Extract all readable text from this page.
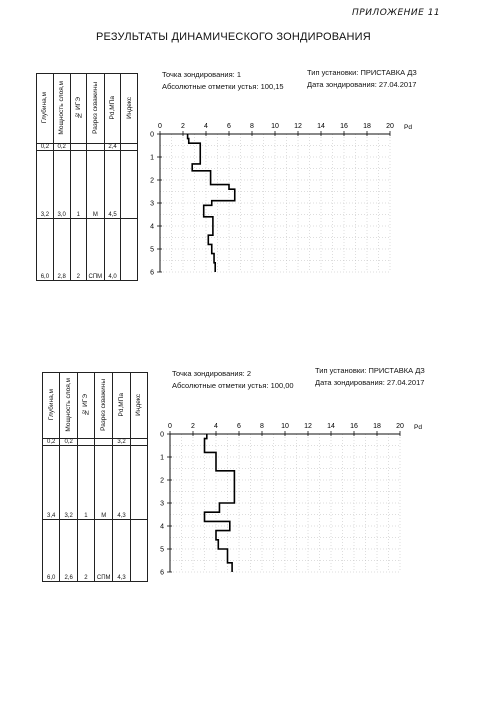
ПРИЛОЖЕНИЕ 11
РЕЗУЛЬТАТЫ ДИНАМИЧЕСКОГО ЗОНДИРОВАНИЯ
Точка зондирования: 1
Абсолютные отметки устья: 100,15
Тип установки: ПРИСТАВКА ДЗ
Дата зондирования: 27.04.2017
Глубина,м	Мощность слоя,м	№ ИГЭ	Разрез скважины	Pd,МПа	Индекс
0,2	0,2			2,4	
3,2	3,0	1	М	4,5	
6,0	2,8	2	СПМ	4,0	
0	2	4	6	8 10 12 14 16 18 20 Pd
0
1
2
3
4
5
6
Точка зондирования: 2
Абсолютные отметки устья: 100,00
Тип установки: ПРИСТАВКА ДЗ
Дата зондирования: 27.04.2017
Глубина,м	Мощность слоя,м	№ ИГЭ	Разрез скважины	Pd,МПа	Индекс
0,2	0,2			3,2	
3,4	3,2	1	М	4,3	
6,0	2,6	2	СПМ	4,3	
0	2	4	6	8 10 12 14 16 18 20 Pd
0
1
2
3
4
5
6
